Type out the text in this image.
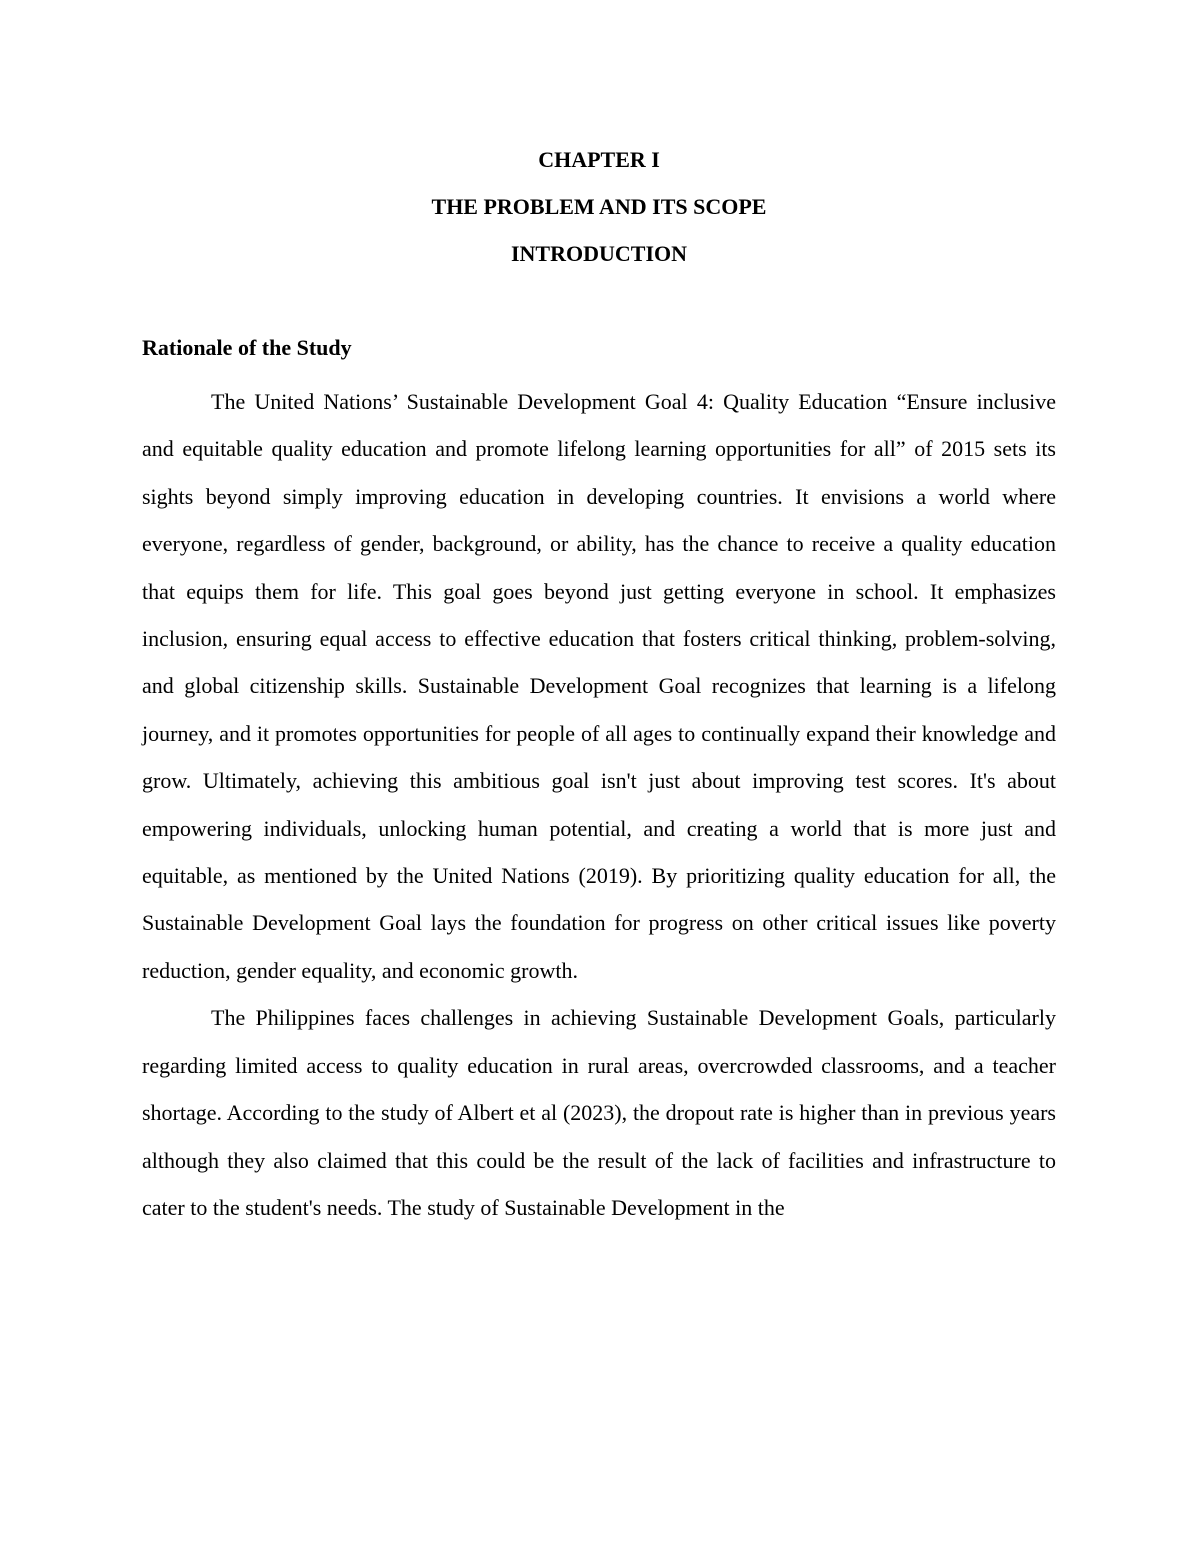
CHAPTER I
THE PROBLEM AND ITS SCOPE
INTRODUCTION
Rationale of the Study

The United Nations’ Sustainable Development Goal 4: Quality Education “Ensure inclusive and equitable quality education and promote lifelong learning opportunities for all” of 2015 sets its sights beyond simply improving education in developing countries. It envisions a world where everyone, regardless of gender, background, or ability, has the chance to receive a quality education that equips them for life. This goal goes beyond just getting everyone in school. It emphasizes inclusion, ensuring equal access to effective education that fosters critical thinking, problem-solving, and global citizenship skills. Sustainable Development Goal recognizes that learning is a lifelong journey, and it promotes opportunities for people of all ages to continually expand their knowledge and grow. Ultimately, achieving this ambitious goal isn't just about improving test scores. It's about empowering individuals, unlocking human potential, and creating a world that is more just and equitable, as mentioned by the United Nations (2019). By prioritizing quality education for all, the Sustainable Development Goal lays the foundation for progress on other critical issues like poverty reduction, gender equality, and economic growth.

The Philippines faces challenges in achieving Sustainable Development Goals, particularly regarding limited access to quality education in rural areas, overcrowded classrooms, and a teacher shortage. According to the study of Albert et al (2023), the dropout rate is higher than in previous years although they also claimed that this could be the result of the lack of facilities and infrastructure to cater to the student's needs. The study of Sustainable Development in the
